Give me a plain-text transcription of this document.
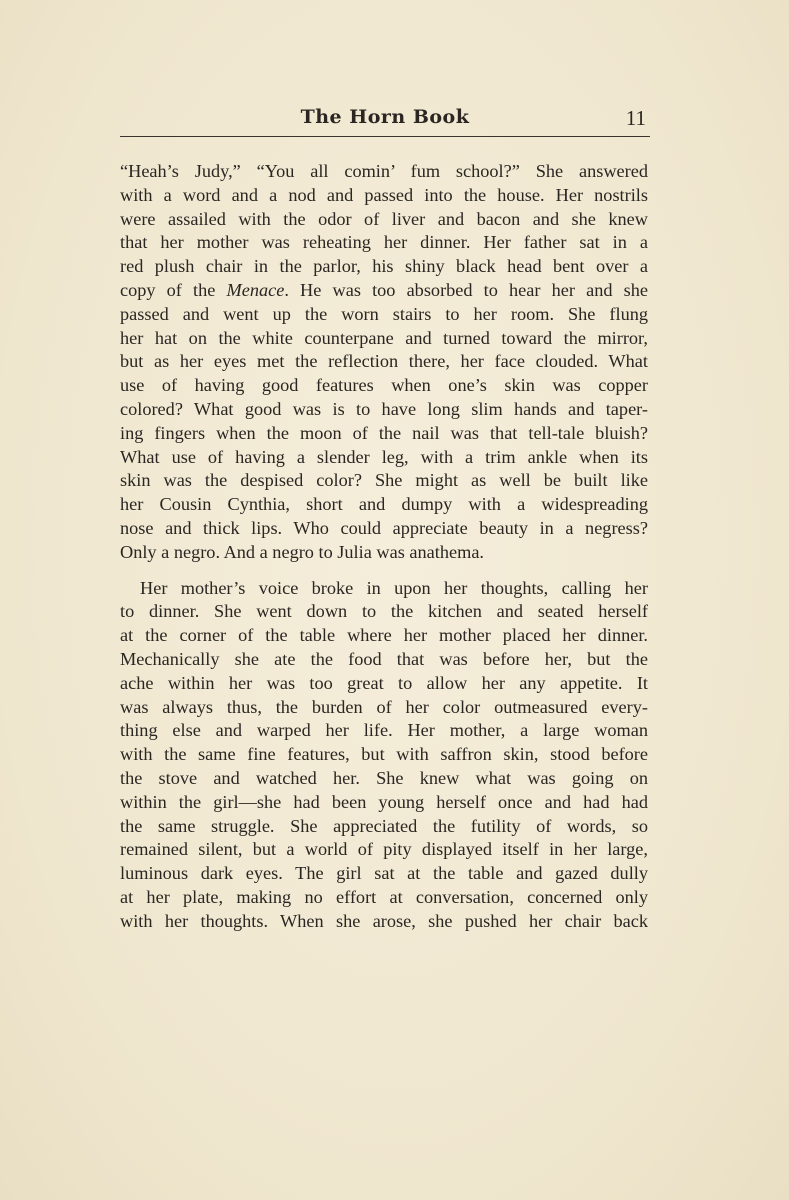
The Horn Book	11
“Heah’s Judy,” “You all comin’ fum school?” She answered
with a word and a nod and passed into the house. Her nostrils
were assailed with the odor of liver and bacon and she knew
that her mother was reheating her dinner. Her father sat in a
red plush chair in the parlor, his shiny black head bent over a
copy of the Menace. He was too absorbed to hear her and she
passed and went up the worn stairs to her room. She flung
her hat on the white counterpane and turned toward the mirror,
but as her eyes met the reflection there, her face clouded. What
use of having good features when one’s skin was copper
colored? What good was is to have long slim hands and taper-
ing fingers when the moon of the nail was that tell-tale bluish?
What use of having a slender leg, with a trim ankle when its
skin was the despised color? She might as well be built like
her Cousin Cynthia, short and dumpy with a widespreading
nose and thick lips. Who could appreciate beauty in a negress?
Only a negro. And a negro to Julia was anathema.
Her mother’s voice broke in upon her thoughts, calling her
to dinner. She went down to the kitchen and seated herself
at the corner of the table where her mother placed her dinner.
Mechanically she ate the food that was before her, but the
ache within her was too great to allow her any appetite. It
was always thus, the burden of her color outmeasured every-
thing else and warped her life. Her mother, a large woman
with the same fine features, but with saffron skin, stood before
the stove and watched her. She knew what was going on
within the girl—she had been young herself once and had had
the same struggle. She appreciated the futility of words, so
remained silent, but a world of pity displayed itself in her large,
luminous dark eyes. The girl sat at the table and gazed dully
at her plate, making no effort at conversation, concerned only
with her thoughts. When she arose, she pushed her chair back
